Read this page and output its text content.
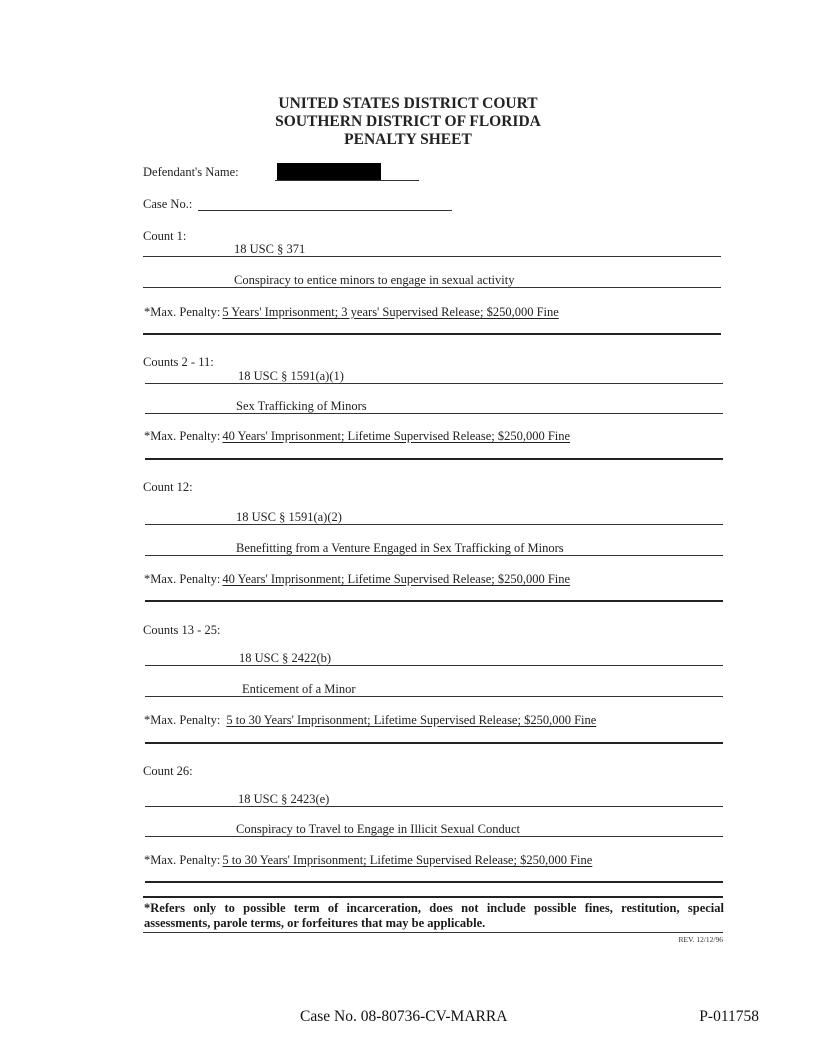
UNITED STATES DISTRICT COURT
SOUTHERN DISTRICT OF FLORIDA
PENALTY SHEET
Defendant's Name:
Case No.:
Count 1:
18 USC § 371
Conspiracy to entice minors to engage in sexual activity
*Max. Penalty: 5 Years' Imprisonment; 3 years' Supervised Release; $250,000 Fine
Counts 2 - 11:
18 USC § 1591(a)(1)
Sex Trafficking of Minors
*Max. Penalty: 40 Years' Imprisonment; Lifetime Supervised Release; $250,000 Fine
Count 12:
18 USC § 1591(a)(2)
Benefitting from a Venture Engaged in Sex Trafficking of Minors
*Max. Penalty: 40 Years' Imprisonment; Lifetime Supervised Release; $250,000 Fine
Counts 13 - 25:
18 USC § 2422(b)
Enticement of a Minor
*Max. Penalty: 5 to 30 Years' Imprisonment; Lifetime Supervised Release; $250,000 Fine
Count 26:
18 USC § 2423(e)
Conspiracy to Travel to Engage in Illicit Sexual Conduct
*Max. Penalty: 5 to 30 Years' Imprisonment; Lifetime Supervised Release; $250,000 Fine
*Refers only to possible term of incarceration, does not include possible fines, restitution, special assessments, parole terms, or forfeitures that may be applicable.
REV. 12/12/96
Case No. 08-80736-CV-MARRA	P-011758
